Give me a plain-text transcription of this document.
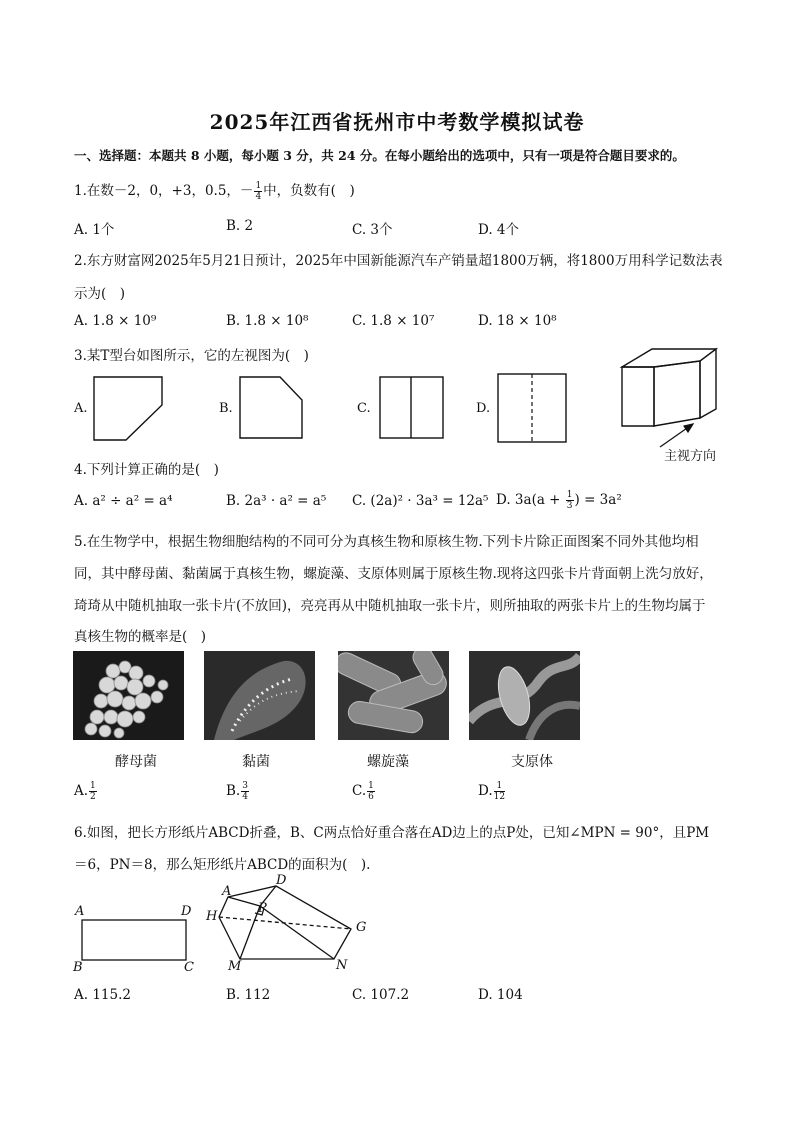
2025年江西省抚州市中考数学模拟试卷
一、选择题：本题共 8 小题，每小题 3 分，共 24 分。在每小题给出的选项中，只有一项是符合题目要求的。
1.在数－2，0，+3，0.5，－ $\frac{1}{4}$ 中，负数有(　)
A. 1个	B. 2	C. 3个	D. 4个
2.东方财富网2025年5月21日预计，2025年中国新能源汽车产销量超1800万辆，将1800万用科学记数法表
示为(　)
A. 1.8 × 10⁹	B. 1.8 × 10⁸	C. 1.8 × 10⁷	D. 18 × 10⁸
3.某T型台如图所示，它的左视图为(　)
A.	B.	C.	D.
主视方向
4.下列计算正确的是(　)
A. a² ÷ a² = a⁴	B. 2a³ · a² = a⁵ C. (2a)² · 3a³ = 12a⁵ D. $3a(a + \frac{1}{3}$ ) = 3a²
5.在生物学中，根据生物细胞结构的不同可分为真核生物和原核生物.下列卡片除正面图案不同外其他均相
同，其中酵母菌、黏菌属于真核生物，螺旋藻、支原体则属于原核生物.现将这四张卡片背面朝上洗匀放好，
琦琦从中随机抽取一张卡片(不放回)，亮亮再从中随机抽取一张卡片，则所抽取的两张卡片上的生物均属于
真核生物的概率是(　)
酵母菌	黏菌	螺旋藻	支原体
A. $\frac{1}{2}$	B. $\frac{3}{4}$	C. $\frac{1}{6}$	D. $\frac{1}{12}$
6.如图，把长方形纸片ABCD折叠，B、C两点恰好重合落在AD边上的点P处，已知∠MPN = 90°，且PM
＝6，PN＝8，那么矩形纸片ABCD的面积为(　).
A	D
B	C
A
D
H
P
G
M	N
A. 115.2	B. 112	C. 107.2	D. 104
